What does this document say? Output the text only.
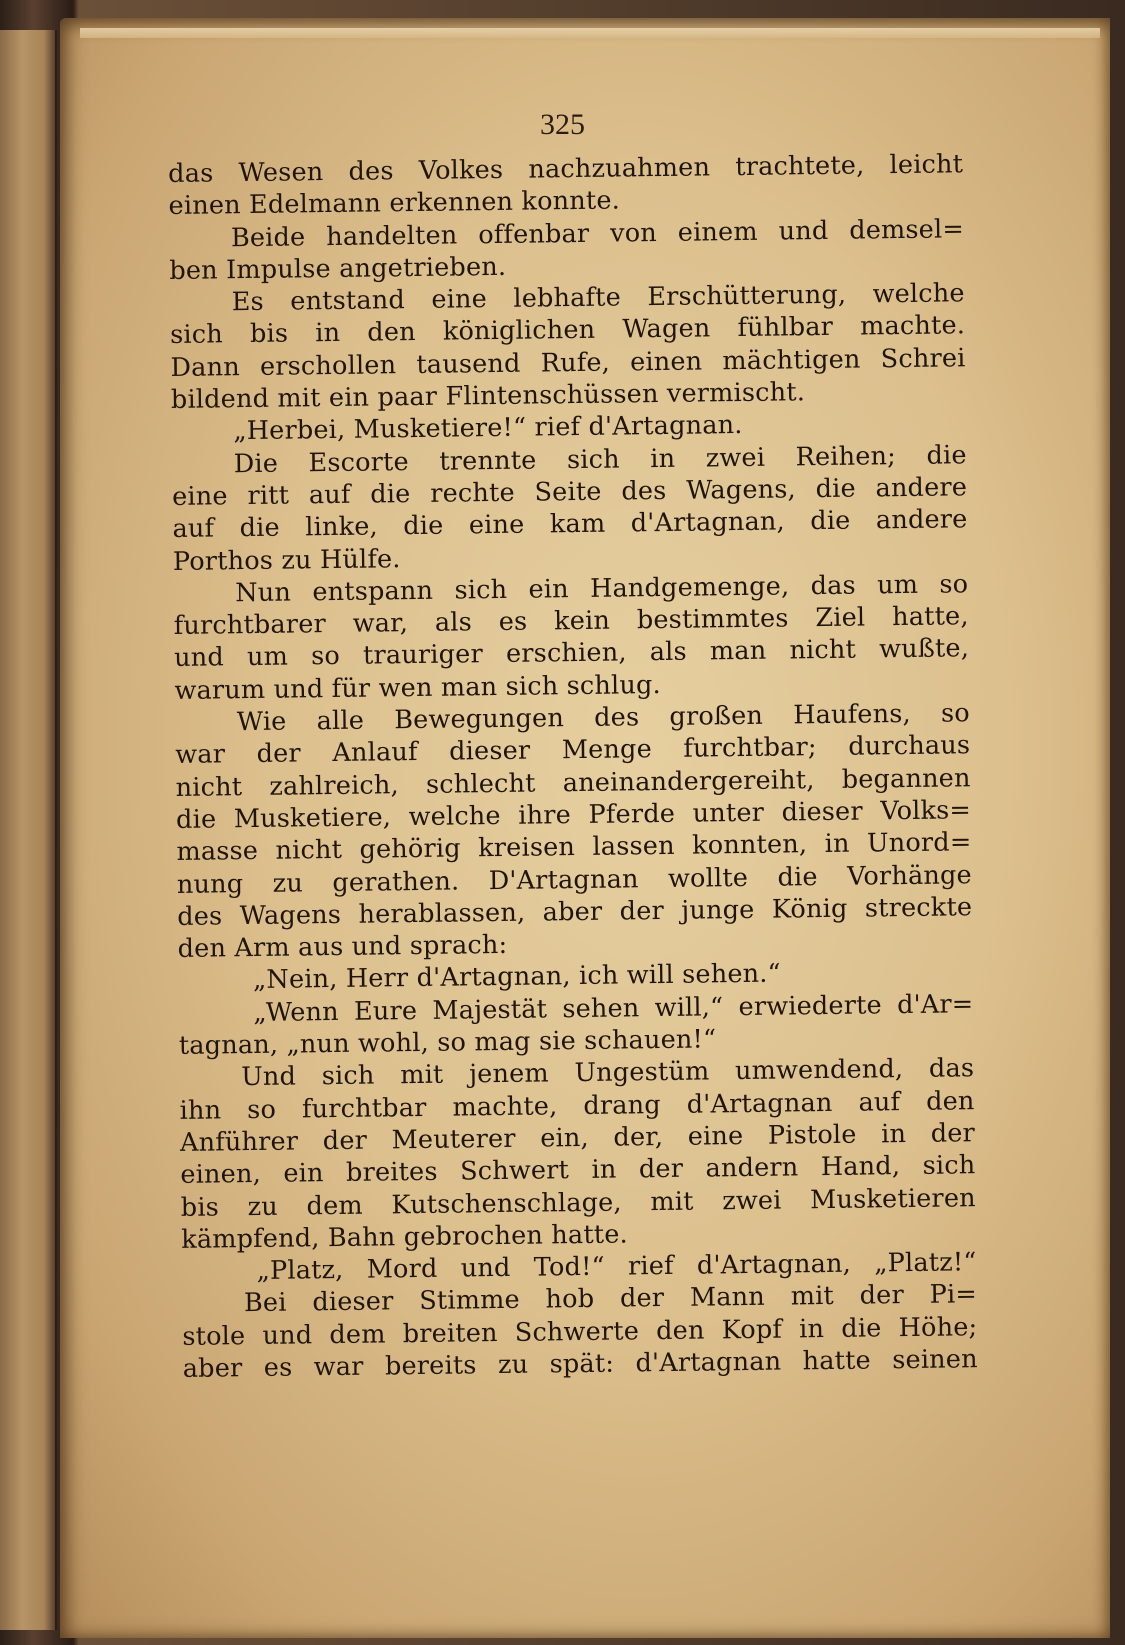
325
das Wesen des Volkes nachzuahmen trachtete, leicht
einen Edelmann erkennen konnte.
Beide handelten offenbar von einem und demsel=
ben Impulse angetrieben.
Es entstand eine lebhafte Erschütterung, welche
sich bis in den königlichen Wagen fühlbar machte.
Dann erschollen tausend Rufe, einen mächtigen Schrei
bildend mit ein paar Flintenschüssen vermischt.
„Herbei, Musketiere!“ rief d'Artagnan.
Die Escorte trennte sich in zwei Reihen; die
eine ritt auf die rechte Seite des Wagens, die andere
auf die linke, die eine kam d'Artagnan, die andere
Porthos zu Hülfe.
Nun entspann sich ein Handgemenge, das um so
furchtbarer war, als es kein bestimmtes Ziel hatte,
und um so trauriger erschien, als man nicht wußte,
warum und für wen man sich schlug.
Wie alle Bewegungen des großen Haufens, so
war der Anlauf dieser Menge furchtbar; durchaus
nicht zahlreich, schlecht aneinandergereiht, begannen
die Musketiere, welche ihre Pferde unter dieser Volks=
masse nicht gehörig kreisen lassen konnten, in Unord=
nung zu gerathen. D'Artagnan wollte die Vorhänge
des Wagens herablassen, aber der junge König streckte
den Arm aus und sprach:
„Nein, Herr d'Artagnan, ich will sehen.“
„Wenn Eure Majestät sehen will,“ erwiederte d'Ar=
tagnan, „nun wohl, so mag sie schauen!“
Und sich mit jenem Ungestüm umwendend, das
ihn so furchtbar machte, drang d'Artagnan auf den
Anführer der Meuterer ein, der, eine Pistole in der
einen, ein breites Schwert in der andern Hand, sich
bis zu dem Kutschenschlage, mit zwei Musketieren
kämpfend, Bahn gebrochen hatte.
„Platz, Mord und Tod!“ rief d'Artagnan, „Platz!“
Bei dieser Stimme hob der Mann mit der Pi=
stole und dem breiten Schwerte den Kopf in die Höhe;
aber es war bereits zu spät: d'Artagnan hatte seinen
